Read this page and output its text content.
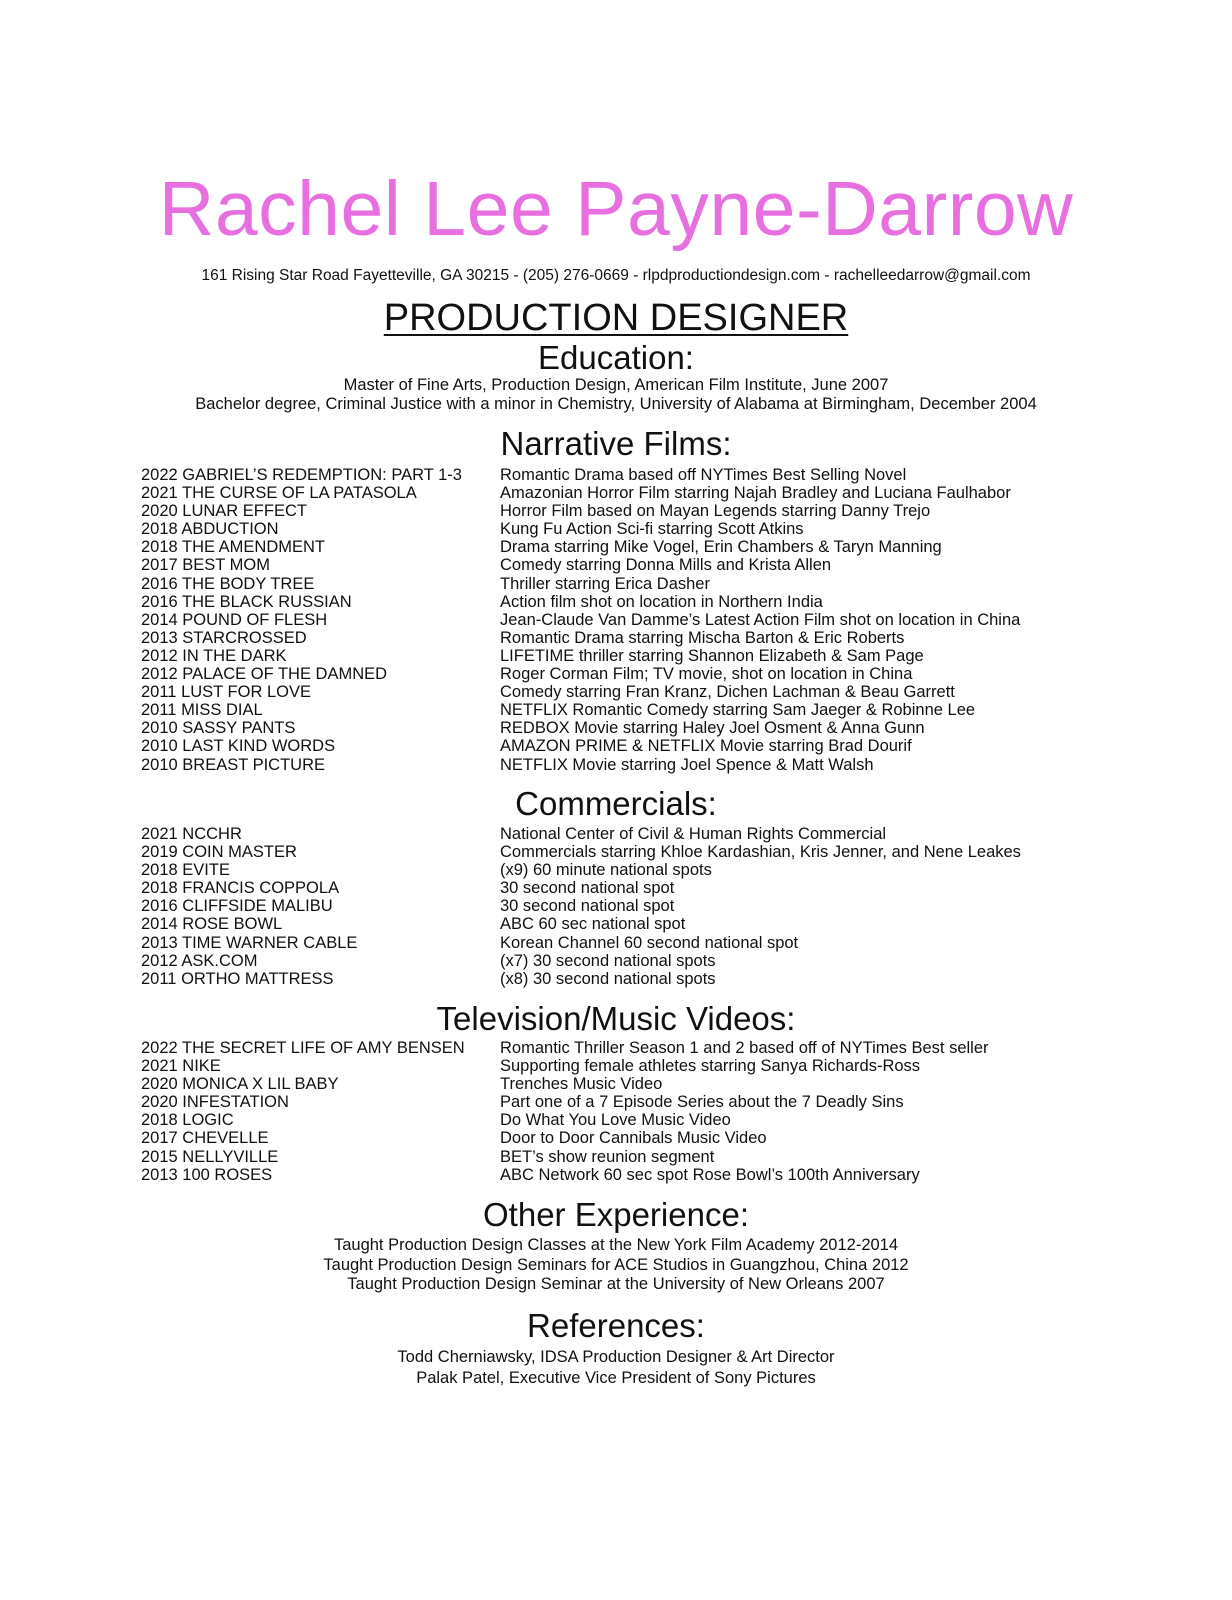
Rachel Lee Payne-Darrow
161 Rising Star Road Fayetteville, GA 30215 - (205) 276-0669 - rlpdproductiondesign.com - rachelleedarrow@gmail.com
PRODUCTION DESIGNER
Education:
Master of Fine Arts, Production Design, American Film Institute, June 2007
Bachelor degree, Criminal Justice with a minor in Chemistry, University of Alabama at Birmingham, December 2004
Narrative Films:
2022 GABRIEL’S REDEMPTION: PART 1-3 Romantic Drama based off NYTimes Best Selling Novel
2021 THE CURSE OF LA PATASOLA	Amazonian Horror Film starring Najah Bradley and Luciana Faulhabor
2020 LUNAR EFFECT	Horror Film based on Mayan Legends starring Danny Trejo
2018 ABDUCTION	Kung Fu Action Sci-fi starring Scott Atkins
2018 THE AMENDMENT	Drama starring Mike Vogel, Erin Chambers & Taryn Manning
2017 BEST MOM	Comedy starring Donna Mills and Krista Allen
2016 THE BODY TREE	Thriller starring Erica Dasher
2016 THE BLACK RUSSIAN	Action film shot on location in Northern India
2014 POUND OF FLESH	Jean-Claude Van Damme’s Latest Action Film shot on location in China
2013 STARCROSSED	Romantic Drama starring Mischa Barton & Eric Roberts
2012 IN THE DARK	LIFETIME thriller starring Shannon Elizabeth & Sam Page
2012 PALACE OF THE DAMNED	Roger Corman Film; TV movie, shot on location in China
2011 LUST FOR LOVE	Comedy starring Fran Kranz, Dichen Lachman & Beau Garrett
2011 MISS DIAL	NETFLIX Romantic Comedy starring Sam Jaeger & Robinne Lee
2010 SASSY PANTS	REDBOX Movie starring Haley Joel Osment & Anna Gunn
2010 LAST KIND WORDS	AMAZON PRIME & NETFLIX Movie starring Brad Dourif
2010 BREAST PICTURE	NETFLIX Movie starring Joel Spence & Matt Walsh
Commercials:
2021 NCCHR	National Center of Civil & Human Rights Commercial
2019 COIN MASTER	Commercials starring Khloe Kardashian, Kris Jenner, and Nene Leakes
2018 EVITE	(x9) 60 minute national spots
2018 FRANCIS COPPOLA	30 second national spot
2016 CLIFFSIDE MALIBU	30 second national spot
2014 ROSE BOWL	ABC 60 sec national spot
2013 TIME WARNER CABLE	Korean Channel 60 second national spot
2012 ASK.COM	(x7) 30 second national spots
2011 ORTHO MATTRESS	(x8) 30 second national spots
Television/Music Videos:
2022 THE SECRET LIFE OF AMY BENSEN Romantic Thriller Season 1 and 2 based off of NYTimes Best seller
2021 NIKE	Supporting female athletes starring Sanya Richards-Ross
2020 MONICA X LIL BABY	Trenches Music Video
2020 INFESTATION	Part one of a 7 Episode Series about the 7 Deadly Sins
2018 LOGIC	Do What You Love Music Video
2017 CHEVELLE	Door to Door Cannibals Music Video
2015 NELLYVILLE	BET’s show reunion segment
2013 100 ROSES	ABC Network 60 sec spot Rose Bowl’s 100th Anniversary
Other Experience:
Taught Production Design Classes at the New York Film Academy 2012-2014
Taught Production Design Seminars for ACE Studios in Guangzhou, China 2012
Taught Production Design Seminar at the University of New Orleans 2007
References:
Todd Cherniawsky, IDSA Production Designer & Art Director
Palak Patel, Executive Vice President of Sony Pictures
